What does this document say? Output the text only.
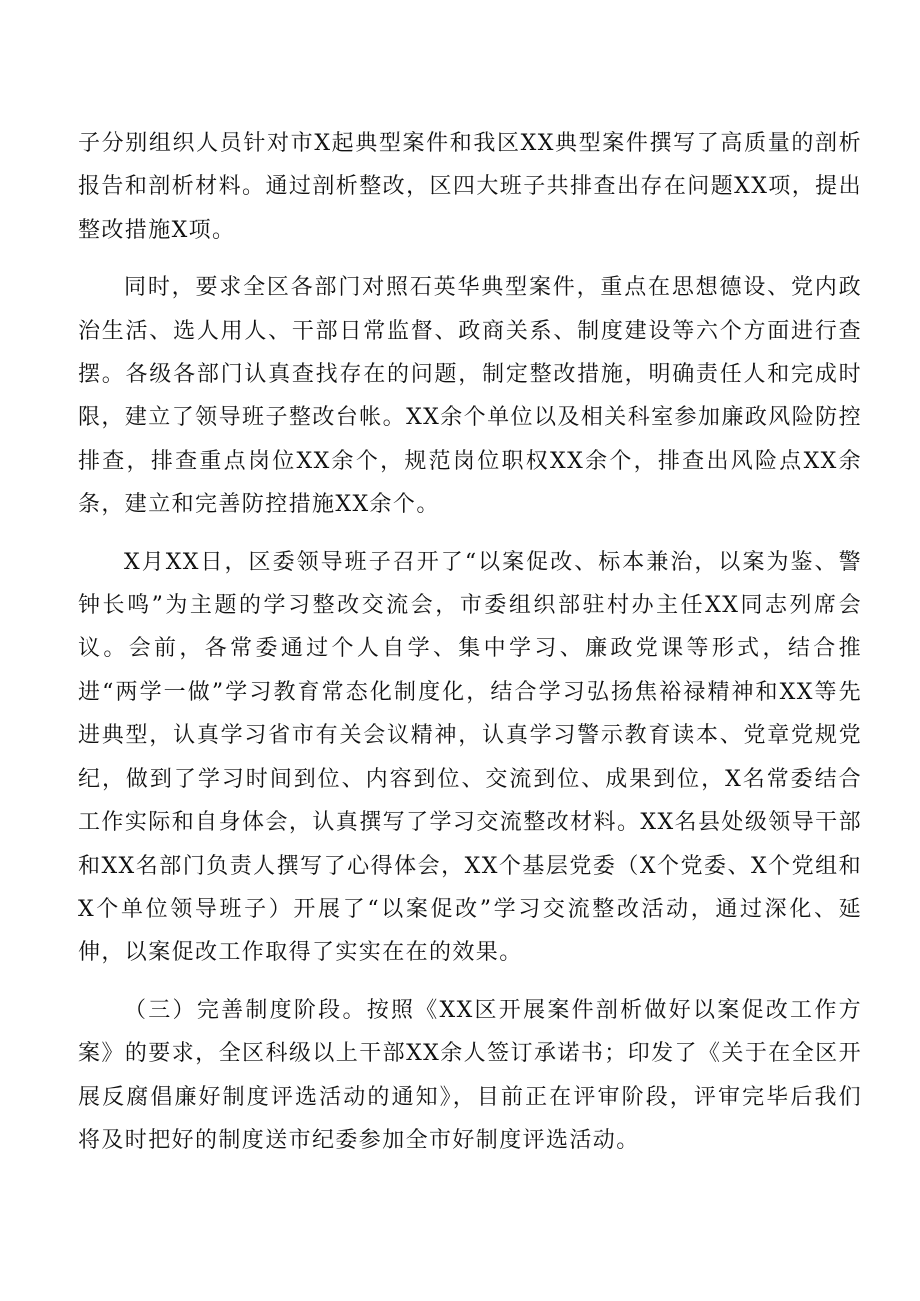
子分别组织人员针对市X起典型案件和我区XX典型案件撰写了高质量的剖析报告和剖析材料。通过剖析整改，区四大班子共排查出存在问题XX项，提出整改措施X项。

同时，要求全区各部门对照石英华典型案件，重点在思想德设、党内政治生活、选人用人、干部日常监督、政商关系、制度建设等六个方面进行查摆。各级各部门认真查找存在的问题，制定整改措施，明确责任人和完成时限，建立了领导班子整改台帐。XX余个单位以及相关科室参加廉政风险防控排查，排查重点岗位XX余个，规范岗位职权XX余个，排查出风险点XX余条，建立和完善防控措施XX余个。

X月XX日，区委领导班子召开了“以案促改、标本兼治，以案为鉴、警钟长鸣”为主题的学习整改交流会，市委组织部驻村办主任XX同志列席会议。会前，各常委通过个人自学、集中学习、廉政党课等形式，结合推进“两学一做”学习教育常态化制度化，结合学习弘扬焦裕禄精神和XX等先进典型，认真学习省市有关会议精神，认真学习警示教育读本、党章党规党纪，做到了学习时间到位、内容到位、交流到位、成果到位，X名常委结合工作实际和自身体会，认真撰写了学习交流整改材料。XX名县处级领导干部和XX名部门负责人撰写了心得体会，XX个基层党委（X个党委、X个党组和X个单位领导班子）开展了“以案促改”学习交流整改活动，通过深化、延伸，以案促改工作取得了实实在在的效果。

（三）完善制度阶段。按照《XX区开展案件剖析做好以案促改工作方案》的要求，全区科级以上干部XX余人签订承诺书；印发了《关于在全区开展反腐倡廉好制度评选活动的通知》，目前正在评审阶段，评审完毕后我们将及时把好的制度送市纪委参加全市好制度评选活动。
